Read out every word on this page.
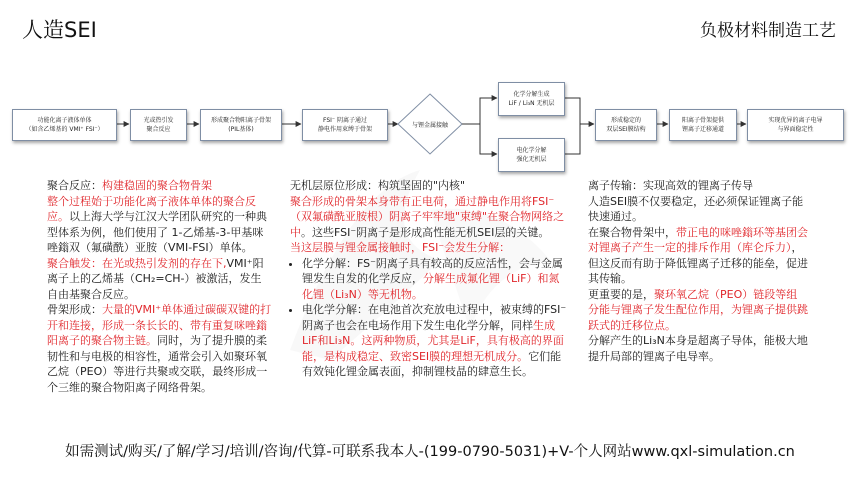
人造SEI	负极材料制造工艺
功能化离子液体单体
（如含乙烯基的 VMI⁺ FSI⁻）
光或热引发
聚合反应
形成聚合物阳离子骨架
(PIL基体)
FSI⁻ 阴离子通过
静电作用束缚于骨架
与锂金属接触
化学分解生成
LiF / Li₃N 无机层
电化学分解
强化无机层
形成稳定的
双层SEI膜结构
阳离子骨架提供
锂离子迁移通道
实现优异的离子电导
与界面稳定性

聚合反应：构建稳固的聚合物骨架

整个过程始于功能化离子液体单体的聚合反应。以上海大学与江汉大学团队研究的一种典型体系为例，他们使用了 1-乙烯基-3-甲基咪唑鎓双（氟磺酰）亚胺（VMI-FSI）单体。

聚合触发：在光或热引发剂的存在下,VMI⁺阳离子上的乙烯基（CH₂=CH-）被激活，发生自由基聚合反应。

骨架形成：大量的VMI⁺单体通过碳碳双键的打开和连接，形成一条长长的、带有重复咪唑鎓阳离子的聚合物主链。同时，为了提升膜的柔韧性和与电极的相容性，通常会引入如聚环氧乙烷（PEO）等进行共聚或交联，最终形成一个三维的聚合物阳离子网络骨架。

无机层原位形成：构筑坚固的"内核"

聚合形成的骨架本身带有正电荷，通过静电作用将FSI⁻（双氟磺酰亚胺根）阴离子牢牢地"束缚"在聚合物网络之中。这些FSI⁻阴离子是形成高性能无机SEI层的关键。

当这层膜与锂金属接触时，FSI⁻会发生分解：

• 化学分解：FS⁻阴离子具有较高的反应活性，会与金属锂发生自发的化学反应，分解生成氟化锂（LiF）和氮化锂（Li₃N）等无机物。
• 电化学分解：在电池首次充放电过程中，被束缚的FSI⁻ 阴离子也会在电场作用下发生电化学分解，同样生成LiF和Li₃N。这两种物质，尤其是LiF，具有极高的界面能，是构成稳定、致密SEI膜的理想无机成分。它们能有效钝化锂金属表面，抑制锂枝晶的肆意生长。

离子传输：实现高效的锂离子传导

人造SEI膜不仅要稳定，还必须保证锂离子能快速通过。

在聚合物骨架中，带正电的咪唑鎓环等基团会对锂离子产生一定的排斥作用（库仑斥力），但这反而有助于降低锂离子迁移的能垒，促进其传输。

更重要的是，聚环氧乙烷（PEO）链段等组分能与锂离子发生配位作用，为锂离子提供跳跃式的迁移位点。

分解产生的Li₃N本身是超离子导体，能极大地提升局部的锂离子电导率。

如需测试/购买/了解/学习/培训/咨询/代算-可联系我本人-(199-0790-5031)+V-个人网站www.qxl-simulation.cn
